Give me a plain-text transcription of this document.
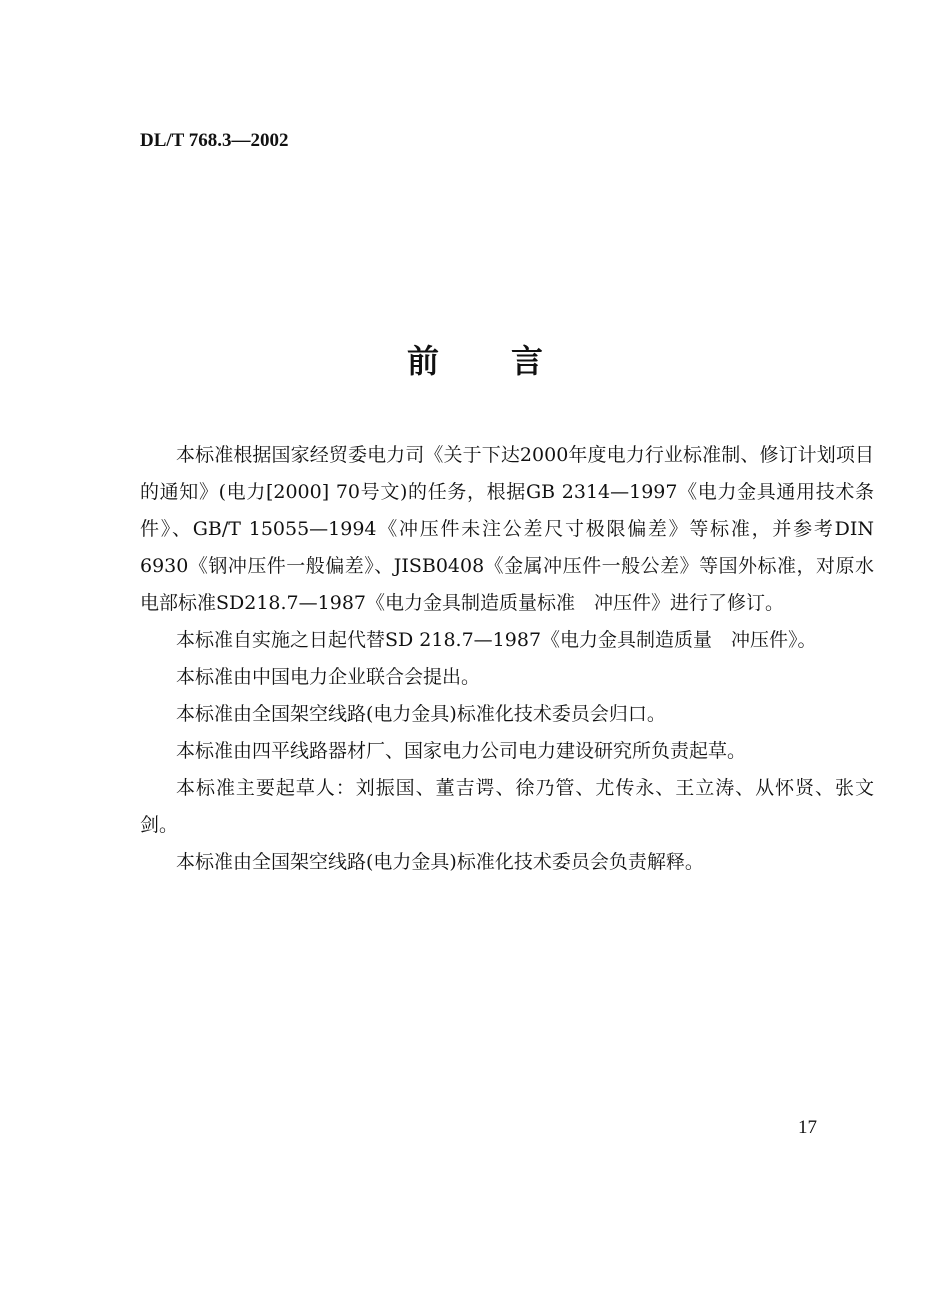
DL/T 768.3—2002
前 言

本标准根据国家经贸委电力司《关于下达2000年度电力行业标准制、修订计划项目的通知》(电力[2000] 70号文)的任务，根据GB 2314—1997《电力金具通用技术条件》、GB/T 15055—1994《冲压件未注公差尺寸极限偏差》等标准，并参考DIN 6930《钢冲压件一般偏差》、JISB0408《金属冲压件一般公差》等国外标准，对原水电部标准SD218.7—1987《电力金具制造质量标准　冲压件》进行了修订。

本标准自实施之日起代替SD 218.7—1987《电力金具制造质量　冲压件》。

本标准由中国电力企业联合会提出。

本标准由全国架空线路(电力金具)标准化技术委员会归口。

本标准由四平线路器材厂、国家电力公司电力建设研究所负责起草。

本标准主要起草人：刘振国、董吉谔、徐乃管、尤传永、王立涛、从怀贤、张文剑。

本标准由全国架空线路(电力金具)标准化技术委员会负责解释。

17
